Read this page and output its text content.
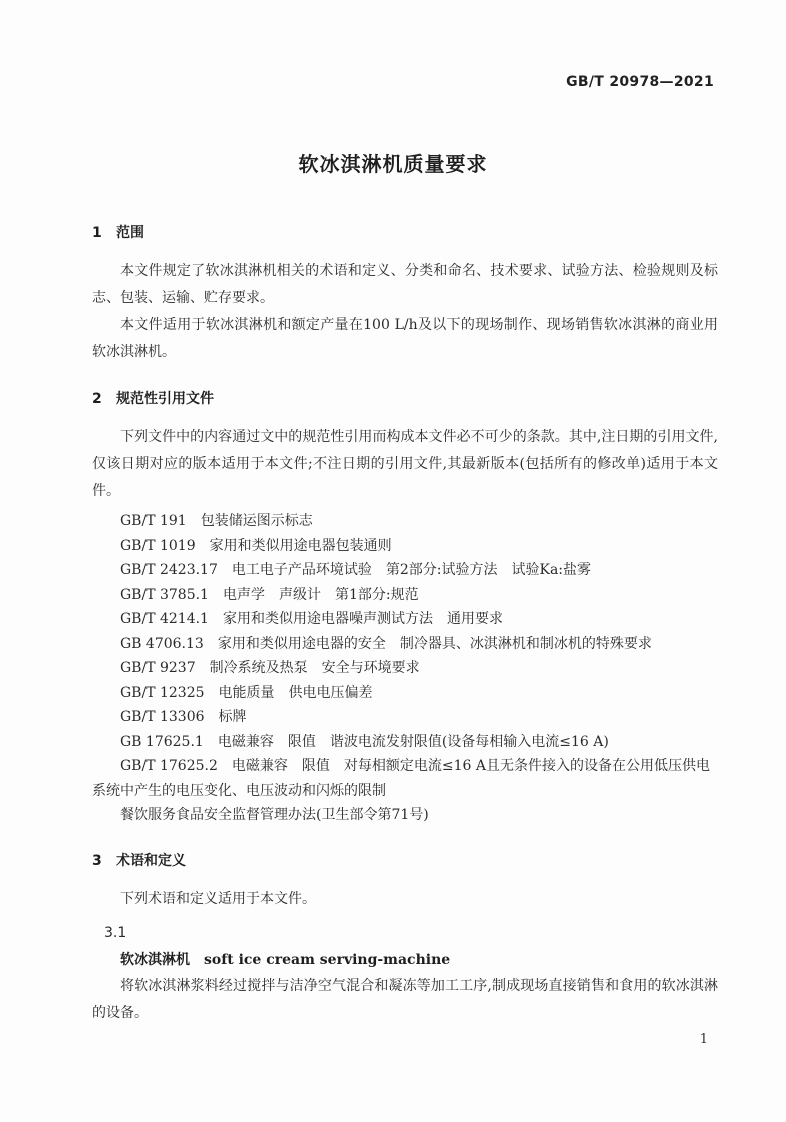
GB/T 20978—2021
软冰淇淋机质量要求
1 范围

本文件规定了软冰淇淋机相关的术语和定义、分类和命名、技术要求、试验方法、检验规则及标志、包装、运输、贮存要求。

本文件适用于软冰淇淋机和额定产量在100 L/h及以下的现场制作、现场销售软冰淇淋的商业用软冰淇淋机。

2 规范性引用文件

下列文件中的内容通过文中的规范性引用而构成本文件必不可少的条款。其中,注日期的引用文件,仅该日期对应的版本适用于本文件;不注日期的引用文件,其最新版本(包括所有的修改单)适用于本文件。

GB/T 191　包装储运图示标志

GB/T 1019　家用和类似用途电器包装通则

GB/T 2423.17　电工电子产品环境试验　第2部分:试验方法　试验Ka:盐雾

GB/T 3785.1　电声学　声级计　第1部分:规范

GB/T 4214.1　家用和类似用途电器噪声测试方法　通用要求

GB 4706.13　家用和类似用途电器的安全　制冷器具、冰淇淋机和制冰机的特殊要求

GB/T 9237　制冷系统及热泵　安全与环境要求

GB/T 12325　电能质量　供电电压偏差

GB/T 13306　标牌

GB 17625.1　电磁兼容　限值　谐波电流发射限值(设备每相输入电流≤16 A)

GB/T 17625.2　电磁兼容　限值　对每相额定电流≤16 A且无条件接入的设备在公用低压供电系统中产生的电压变化、电压波动和闪烁的限制

餐饮服务食品安全监督管理办法(卫生部令第71号)

3 术语和定义

下列术语和定义适用于本文件。

3.1

软冰淇淋机 soft ice cream serving-machine

将软冰淇淋浆料经过搅拌与洁净空气混合和凝冻等加工工序,制成现场直接销售和食用的软冰淇淋的设备。

1
